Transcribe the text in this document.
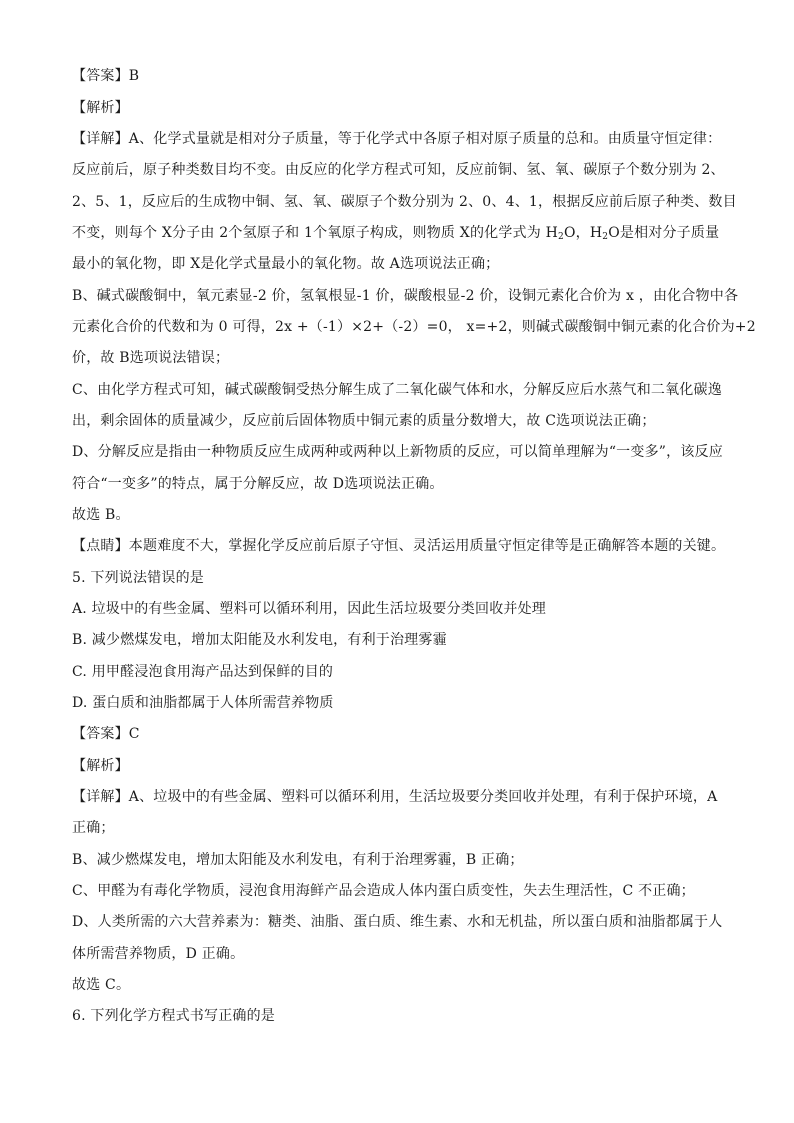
【答案】B
【解析】
【详解】A、化学式量就是相对分子质量，等于化学式中各原子相对原子质量的总和。由质量守恒定律：
反应前后，原子种类数目均不变。由反应的化学方程式可知，反应前铜、氢、氧、碳原子个数分别为 2、
2、5、1，反应后的生成物中铜、氢、氧、碳原子个数分别为 2、0、4、1，根据反应前后原子种类、数目
不变，则每个 X分子由 2个氢原子和 1个氧原子构成，则物质 X的化学式为 $H_2O$，$H_2O$是相对分子质量
最小的氧化物，即 X是化学式量最小的氧化物。故 A选项说法正确；
B、碱式碳酸铜中，氧元素显-2 价，氢氧根显-1 价，碳酸根显-2 价，设铜元素化合价为 x ，由化合物中各
元素化合价的代数和为 0 可得，2x +（-1）×2+（-2）=0， x=+2，则碱式碳酸铜中铜元素的化合价为+2
价，故 B选项说法错误；
C、由化学方程式可知，碱式碳酸铜受热分解生成了二氧化碳气体和水，分解反应后水蒸气和二氧化碳逸
出，剩余固体的质量减少，反应前后固体物质中铜元素的质量分数增大，故 C选项说法正确；
D、分解反应是指由一种物质反应生成两种或两种以上新物质的反应，可以简单理解为“一变多”，该反应
符合“一变多”的特点，属于分解反应，故 D选项说法正确。
故选 B。
【点睛】本题难度不大，掌握化学反应前后原子守恒、灵活运用质量守恒定律等是正确解答本题的关键。
5. 下列说法错误的是
A. 垃圾中的有些金属、塑料可以循环利用，因此生活垃圾要分类回收并处理
B. 减少燃煤发电，增加太阳能及水利发电，有利于治理雾霾
C. 用甲醛浸泡食用海产品达到保鲜的目的
D. 蛋白质和油脂都属于人体所需营养物质
【答案】C
【解析】
【详解】A、垃圾中的有些金属、塑料可以循环利用，生活垃圾要分类回收并处理，有利于保护环境，A
正确；
B、减少燃煤发电，增加太阳能及水利发电，有利于治理雾霾，B 正确；
C、甲醛为有毒化学物质，浸泡食用海鲜产品会造成人体内蛋白质变性，失去生理活性，C 不正确；
D、人类所需的六大营养素为：糖类、油脂、蛋白质、维生素、水和无机盐，所以蛋白质和油脂都属于人
体所需营养物质，D 正确。
故选 C。
6. 下列化学方程式书写正确的是
